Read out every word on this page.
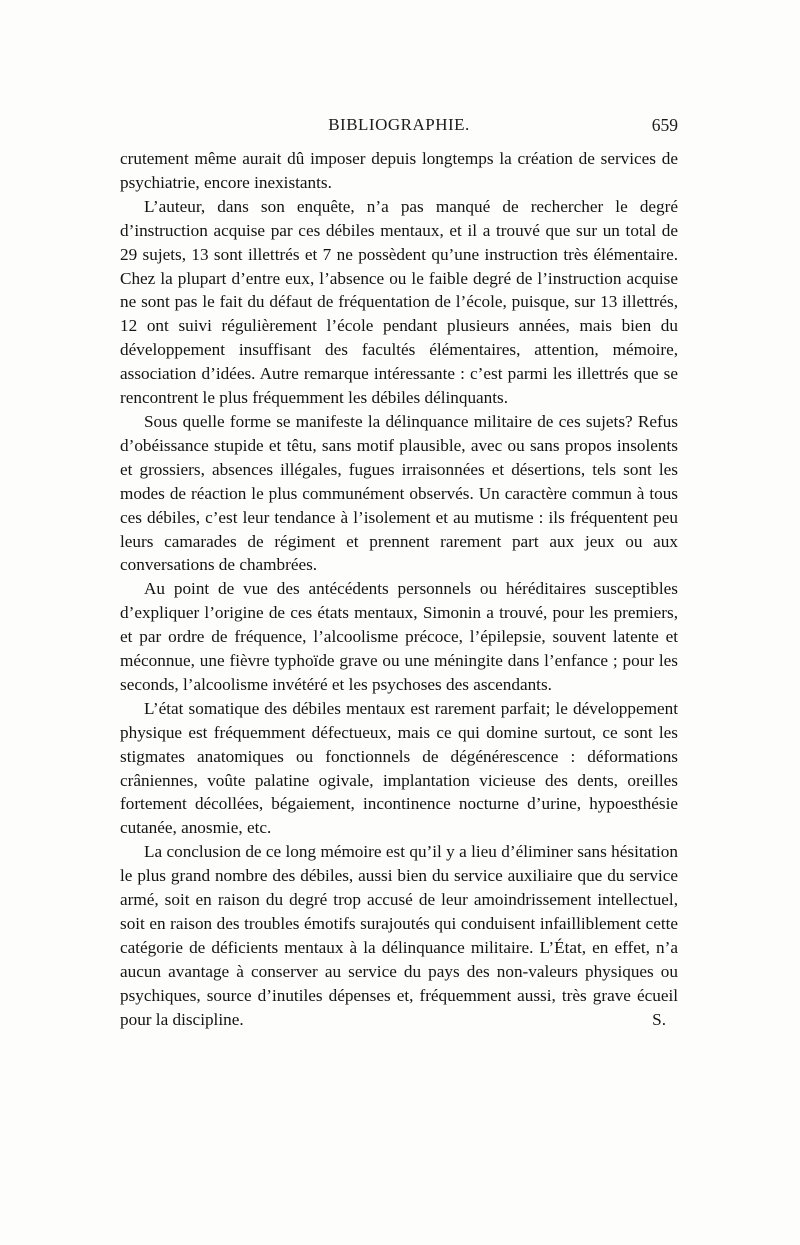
BIBLIOGRAPHIE.	659

crutement même aurait dû imposer depuis longtemps la création de services de psychiatrie, encore inexistants.

L’auteur, dans son enquête, n’a pas manqué de rechercher le degré d’instruction acquise par ces débiles mentaux, et il a trouvé que sur un total de 29 sujets, 13 sont illettrés et 7 ne possèdent qu’une instruction très élémentaire. Chez la plupart d’entre eux, l’absence ou le faible degré de l’instruction acquise ne sont pas le fait du défaut de fréquentation de l’école, puisque, sur 13 illettrés, 12 ont suivi régulièrement l’école pendant plusieurs années, mais bien du développement insuffisant des facultés élémentaires, attention, mémoire, association d’idées. Autre remarque intéressante : c’est parmi les illettrés que se rencontrent le plus fréquemment les débiles délinquants.

Sous quelle forme se manifeste la délinquance militaire de ces sujets? Refus d’obéissance stupide et têtu, sans motif plausible, avec ou sans propos insolents et grossiers, absences illégales, fugues irraisonnées et désertions, tels sont les modes de réaction le plus communément observés. Un caractère commun à tous ces débiles, c’est leur tendance à l’isolement et au mutisme : ils fréquentent peu leurs camarades de régiment et prennent rarement part aux jeux ou aux conversations de chambrées.

Au point de vue des antécédents personnels ou héréditaires susceptibles d’expliquer l’origine de ces états mentaux, Simonin a trouvé, pour les premiers, et par ordre de fréquence, l’alcoolisme précoce, l’épilepsie, souvent latente et méconnue, une fièvre typhoïde grave ou une méningite dans l’enfance ; pour les seconds, l’alcoolisme invétéré et les psychoses des ascendants.

L’état somatique des débiles mentaux est rarement parfait; le développement physique est fréquemment défectueux, mais ce qui domine surtout, ce sont les stigmates anatomiques ou fonctionnels de dégénérescence : déformations crâniennes, voûte palatine ogivale, implantation vicieuse des dents, oreilles fortement décollées, bégaiement, incontinence nocturne d’urine, hypoesthésie cutanée, anosmie, etc.

La conclusion de ce long mémoire est qu’il y a lieu d’éliminer sans hésitation le plus grand nombre des débiles, aussi bien du service auxiliaire que du service armé, soit en raison du degré trop accusé de leur amoindrissement intellectuel, soit en raison des troubles émotifs surajoutés qui conduisent infailliblement cette catégorie de déficients mentaux à la délinquance militaire. L’État, en effet, n’a aucun avantage à conserver au service du pays des non-valeurs physiques ou psychiques, source d’inutiles dépenses et, fréquemment aussi, très grave écueil pour la discipline.	S.
